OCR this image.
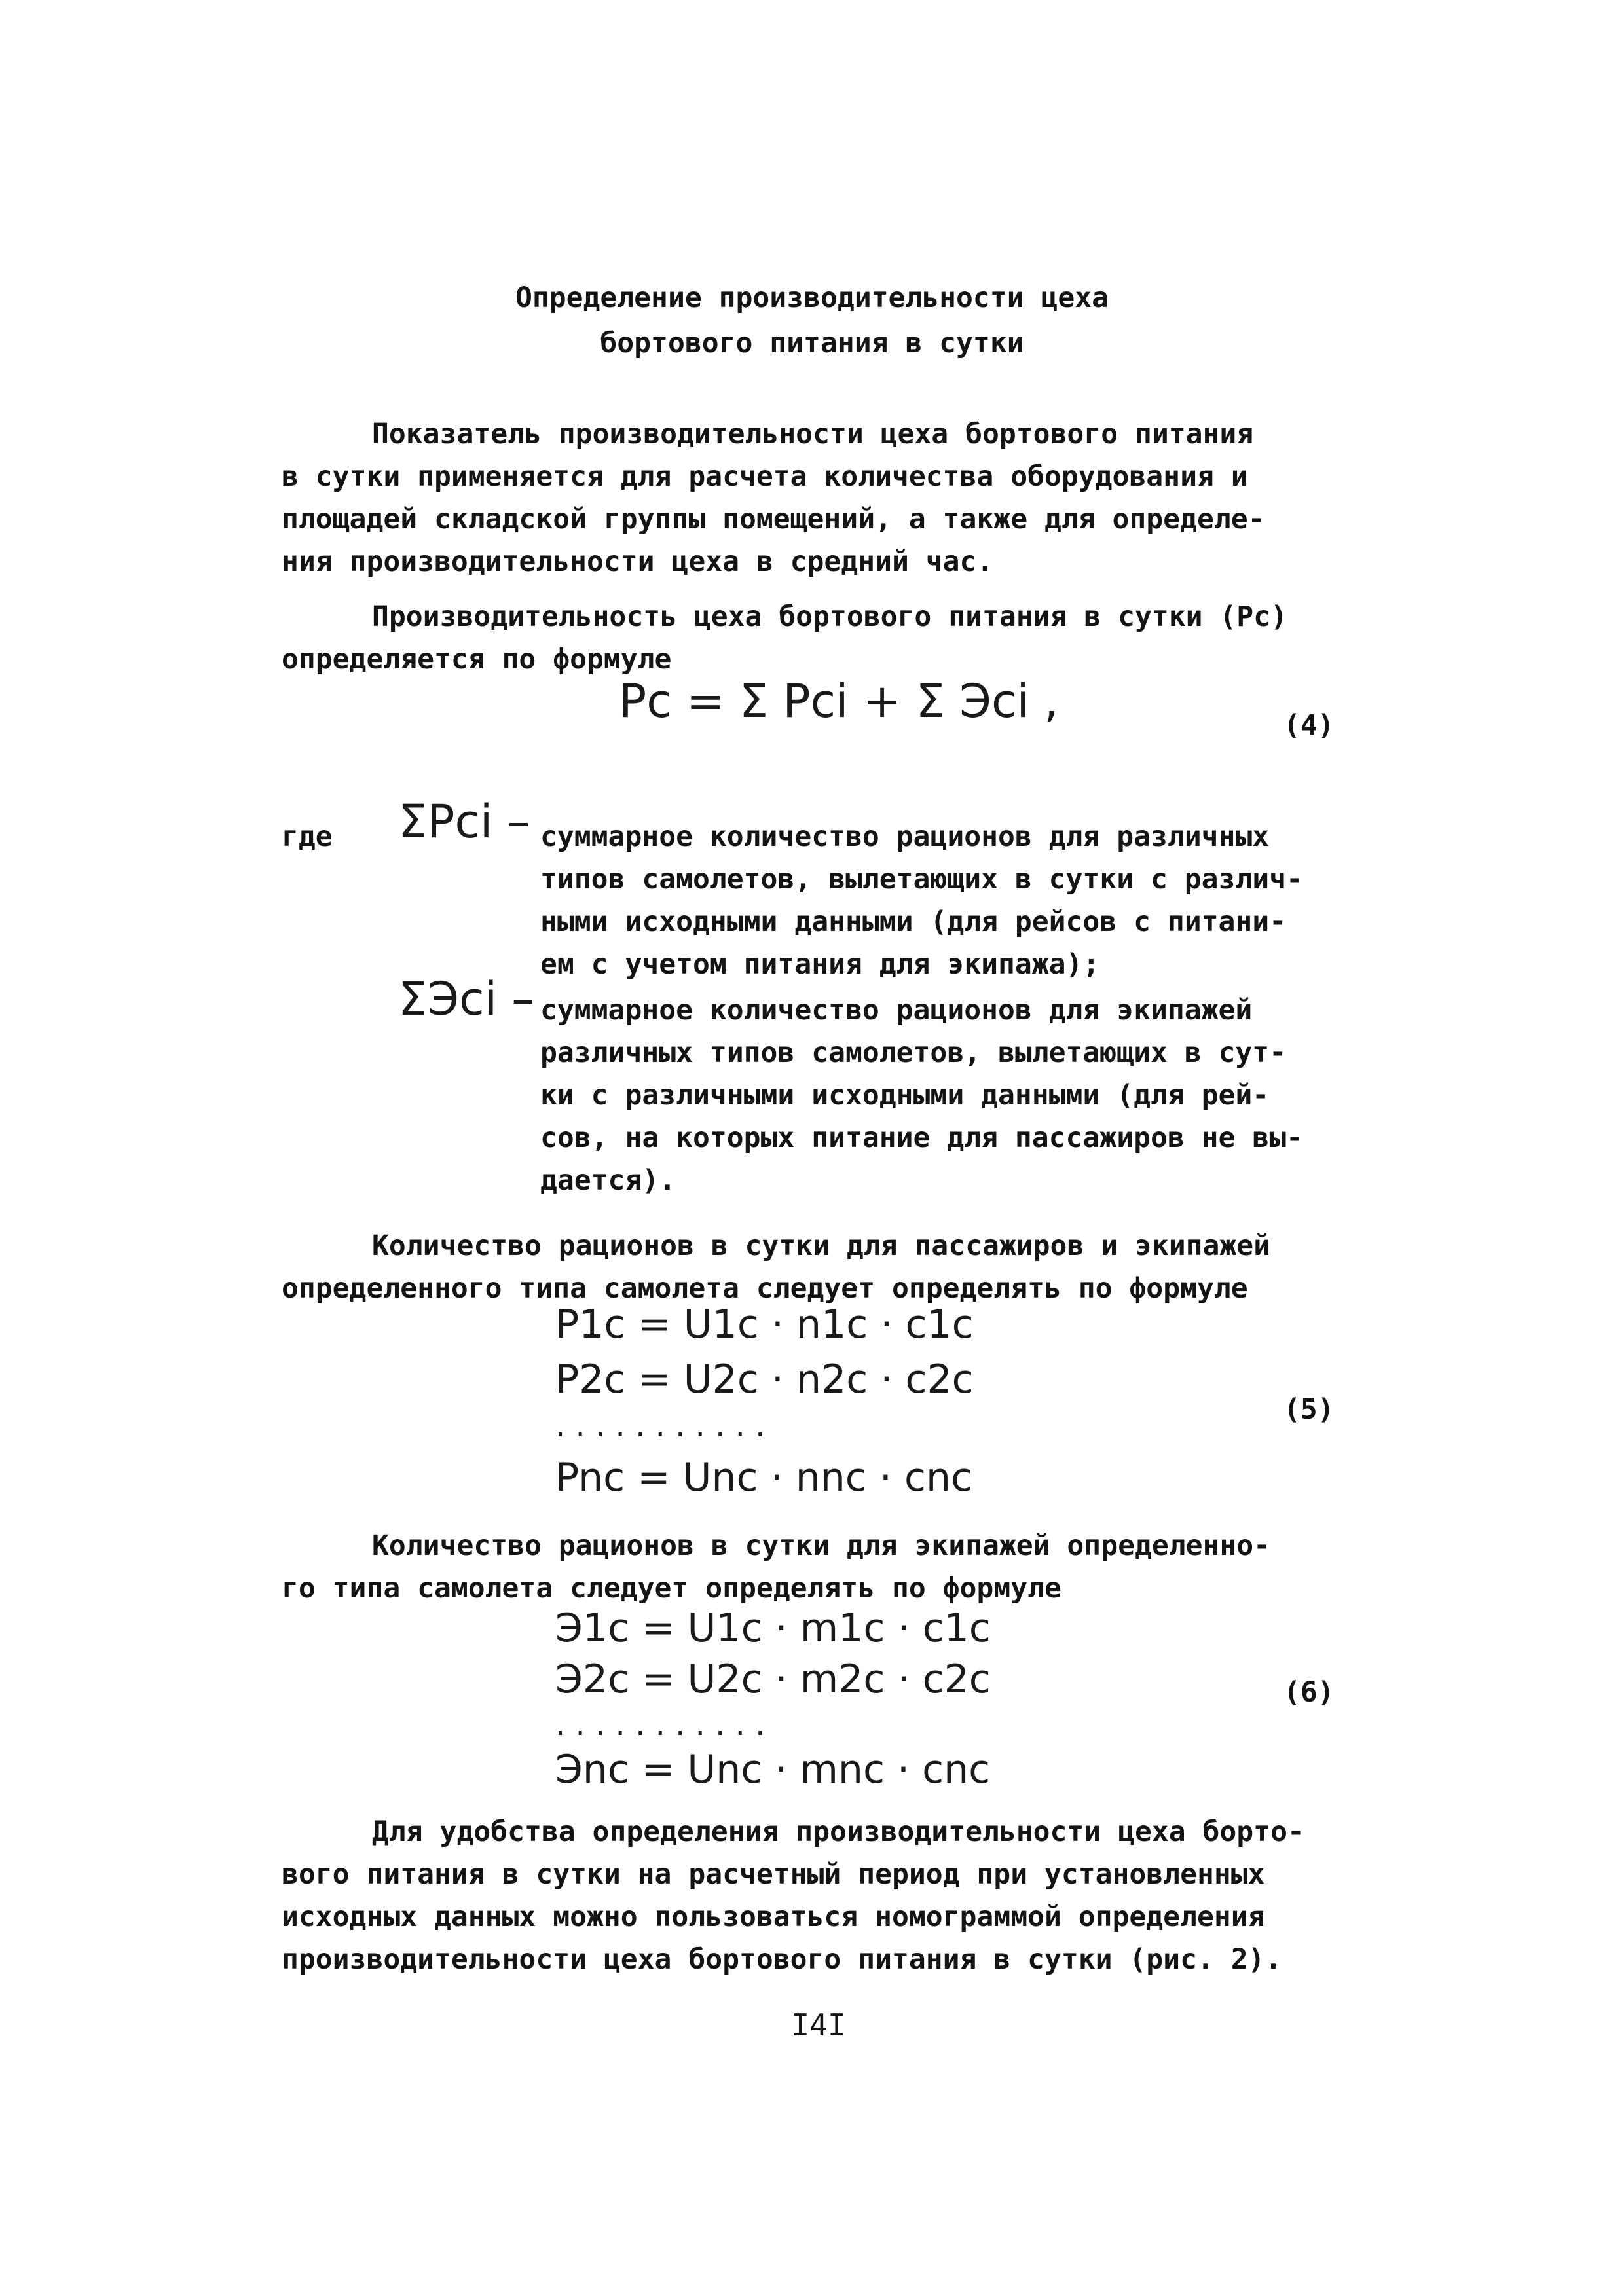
Определение производительности цеха
бортового питания в сутки
Показатель производительности цеха бортового питания
в сутки применяется для расчета количества оборудования и
площадей складской группы помещений, а также для определе-
ния производительности цеха в средний час.
Производительность цеха бортового питания в сутки (Pс)
определяется по формуле
Pc = Σ Pci + Σ Эci ,	(4)
где ΣPci – суммарное количество рационов для различных
типов самолетов, вылетающих в сутки с различ-
ными исходными данными (для рейсов с питани-
ем с учетом питания для экипажа);
ΣЭci – суммарное количество рационов для экипажей
различных типов самолетов, вылетающих в сут-
ки с различными исходными данными (для рей-
сов, на которых питание для пассажиров не вы-
дается).
Количество рационов в сутки для пассажиров и экипажей
определенного типа самолета следует определять по формуле
P1c = U1c · n1c · c1c
P2c = U2c · n2c · c2c
. . . . . . . . . . .
Pnc = Unc · nnc · cnc
(5)
Количество рационов в сутки для экипажей определенно-
го типа самолета следует определять по формуле
Э1c = U1c · m1c · c1c
Э2c = U2c · m2c · c2c
. . . . . . . . . . .
Эnc = Unc · mnc · cnc
(6)
Для удобства определения производительности цеха борто-
вого питания в сутки на расчетный период при установленных
исходных данных можно пользоваться номограммой определения
производительности цеха бортового питания в сутки (рис. 2).
I4I
